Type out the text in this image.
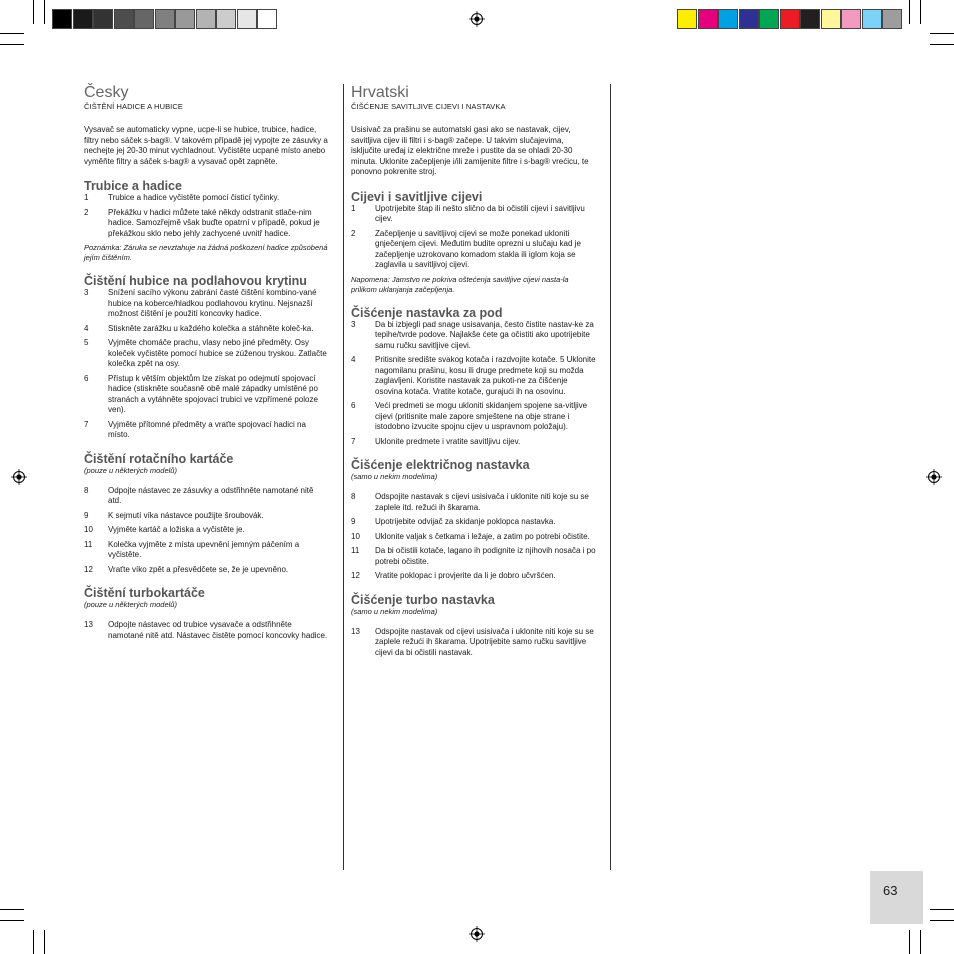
Česky

ČIŠTĚNÍ HADICE A HUBICE

Vysavač se automaticky vypne, ucpe-li se hubice, trubice, hadice, filtry nebo sáček s-bag®. V takovém případě jej vypojte ze zásuvky a nechejte jej 20-30 minut vychladnout. Vyčistěte ucpané místo anebo vyměňte filtry a sáček s-bag® a vysavač opět zapněte.

Trubice a hadice
1	Trubice a hadice vyčistěte pomocí čisticí tyčinky.
2	Překážku v hadici můžete také někdy odstranit stlače-nim hadice. Samozřejmě však buďte opatrní v případě, pokud je překážkou sklo nebo jehly zachycené uvnitř hadice.

Poznámka: Záruka se nevztahuje na žádná poškození hadice způsobená jejím čištěním.

Čištění hubice na podlahovou krytinu
3	Snížení sacího výkonu zabrání časté čištění kombino-vané hubice na koberce/hladkou podlahovou krytinu. Nejsnazší možnost čištění je použití koncovky hadice.
4	Stiskněte zarážku u každého kolečka a stáhněte koleč-ka.
5	Vyjměte chomáče prachu, vlasy nebo jiné předměty. Osy koleček vyčistěte pomocí hubice se zúženou tryskou. Zatlačte kolečka zpět na osy.
6	Přístup k větším objektům lze získat po odejmutí spojovací hadice (stiskněte současně obě malé západky umístěné po stranách a vytáhněte spojovací trubici ve vzpřímené poloze ven).
7	Vyjměte přítomné předměty a vraťte spojovací hadici na místo.
Čištění rotačního kartáče

(pouze u některých modelů)

8	Odpojte nástavec ze zásuvky a odstřihněte namotané nitě atd.
9	K sejmutí víka nástavce použijte šroubovák.
10	Vyjměte kartáč a ložiska a vyčistěte je.
11	Kolečka vyjměte z místa upevnění jemným páčením a vyčistěte.
12	Vraťte víko zpět a přesvědčete se, že je upevněno.
Čištění turbokartáče

(pouze u některých modelů)

13	Odpojte nástavec od trubice vysavače a odstřihněte namotané nitě atd. Nástavec čistěte pomocí koncovky hadice.
Hrvatski

ČIŠĆENJE SAVITLJIVE CIJEVI I NASTAVKA

Usisivač za prašinu se automatski gasi ako se nastavak, cijev, savitljiva cijev ili filtri i s-bag® začepe. U takvim slučajevima, isključite uređaj iz električne mreže i pustite da se ohladi 20-30 minuta. Uklonite začepljenje i/ili zamijenite filtre i s-bag® vrećicu, te ponovno pokrenite stroj.

Cijevi i savitljive cijevi
1	Upotrijebite štap ili nešto slično da bi očistili cijevi i savitljivu cijev.
2	Začepljenje u savitljivoj cijevi se može ponekad ukloniti gnječenjem cijevi. Međutim budite oprezni u slučaju kad je začepljenje uzrokovano komadom stakla ili iglom koja se zaglavila u savitljivoj cijevi.

Napomena: Jamstvo ne pokriva oštećenja savitljive cijevi nasta-la prilikom uklanjanja začepljenja.

Čišćenje nastavka za pod
3	Da bi izbjegli pad snage usisavanja, često čistite nastav-ke za tepihe/tvrde podove. Najlakše ćete ga očistiti ako upotrijebite samu ručku savitljive cijevi.
4	Pritisnite središte svakog kotača i razdvojite kotače. 5 Uklonite nagomilanu prašinu, kosu ili druge predmete koji su možda zaglavljeni. Koristite nastavak za pukoti-ne za čišćenje osovina kotača. Vratite kotače, gurajući ih na osovinu.
6	Veći predmeti se mogu ukloniti skidanjem spojene sa-vitljive cijevi (pritisnite male zapore smještene na obje strane i istodobno izvucite spojnu cijev u uspravnom položaju).
7	Uklonite predmete i vratite savitljivu cijev.
Čišćenje električnog nastavka

(samo u nekim modelima)

8	Odspojite nastavak s cijevi usisivača i uklonite niti koje su se zaplele itd. režući ih škarama.
9	Upotrijebite odvijač za skidanje poklopca nastavka.
10	Uklonite valjak s četkama i ležaje, a zatim po potrebi očistite.
11	Da bi očistili kotače, lagano ih podignite iz njihovih nosača i po potrebi očistite.
12	Vratite poklopac i provjerite da li je dobro učvršćen.
Čišćenje turbo nastavka

(samo u nekim modelima)

13	Odspojite nastavak od cijevi usisivača i uklonite niti koje su se zaplele režući ih škarama. Upotrijebite samo ručku savitljive cijevi da bi očistili nastavak.
63
